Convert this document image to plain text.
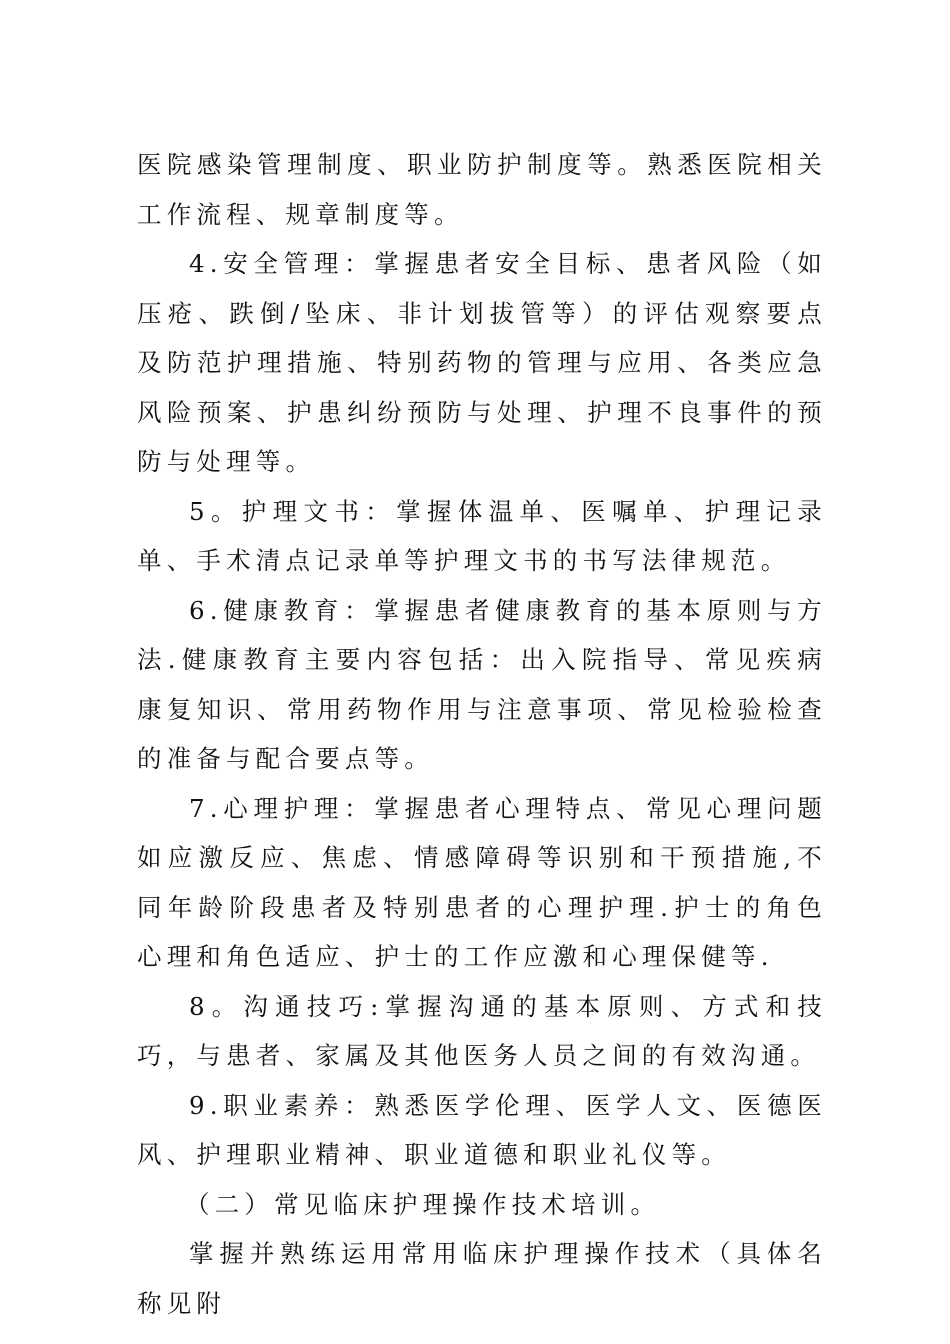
医院感染管理制度、职业防护制度等。熟悉医院相关工作流程、规章制度等。

4.安全管理：掌握患者安全目标、患者风险（如压疮、跌倒/坠床、非计划拔管等）的评估观察要点及防范护理措施、特别药物的管理与应用、各类应急风险预案、护患纠纷预防与处理、护理不良事件的预防与处理等。

5。护理文书：掌握体温单、医嘱单、护理记录单、手术清点记录单等护理文书的书写法律规范。

6.健康教育：掌握患者健康教育的基本原则与方法.健康教育主要内容包括：出入院指导、常见疾病康复知识、常用药物作用与注意事项、常见检验检查的准备与配合要点等。

7.心理护理：掌握患者心理特点、常见心理问题如应激反应、焦虑、情感障碍等识别和干预措施,不同年龄阶段患者及特别患者的心理护理.护士的角色心理和角色适应、护士的工作应激和心理保健等.

8。沟通技巧:掌握沟通的基本原则、方式和技巧，与患者、家属及其他医务人员之间的有效沟通。

9.职业素养：熟悉医学伦理、医学人文、医德医风、护理职业精神、职业道德和职业礼仪等。

（二）常见临床护理操作技术培训。

掌握并熟练运用常用临床护理操作技术（具体名称见附
